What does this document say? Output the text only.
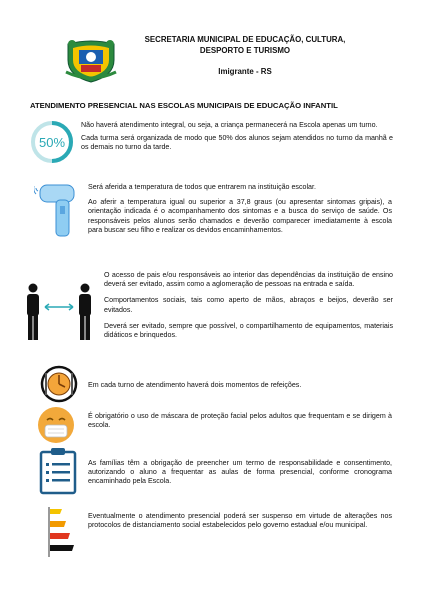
SECRETARIA MUNICIPAL DE EDUCAÇÃO, CULTURA,
DESPORTO E TURISMO
Imigrante - RS
ATENDIMENTO PRESENCIAL NAS ESCOLAS MUNICIPAIS DE EDUCAÇÃO INFANTIL
50%

Não haverá atendimento integral, ou seja, a criança permanecerá na Escola apenas um turno.

Cada turma será organizada de modo que 50% dos alunos sejam atendidos no turno da manhã e os demais no turno da tarde.

Será aferida a temperatura de todos que entrarem na instituição escolar.

Ao aferir a temperatura igual ou superior a 37,8 graus (ou apresentar sintomas gripais), a orientação indicada é o acompanhamento dos sintomas e a busca do serviço de saúde. Os responsáveis pelos alunos serão chamados e deverão comparecer imediatamente à escola para buscar seu filho e realizar os devidos encaminhamentos.

O acesso de pais e/ou responsáveis ao interior das dependências da instituição de ensino deverá ser evitado, assim como a aglomeração de pessoas na entrada e saída.

Comportamentos sociais, tais como aperto de mãos, abraços e beijos, deverão ser evitados.

Deverá ser evitado, sempre que possível, o compartilhamento de equipamentos, materiais didáticos e brinquedos.

Em cada turno de atendimento haverá dois momentos de refeições.

É obrigatório o uso de máscara de proteção facial pelos adultos que frequentam e se dirigem à escola.

As famílias têm a obrigação de preencher um termo de responsabilidade e consentimento, autorizando o aluno a frequentar as aulas de forma presencial, conforme cronograma encaminhado pela Escola.

Eventualmente o atendimento presencial poderá ser suspenso em virtude de alterações nos protocolos de distanciamento social estabelecidos pelo governo estadual e/ou municipal.
